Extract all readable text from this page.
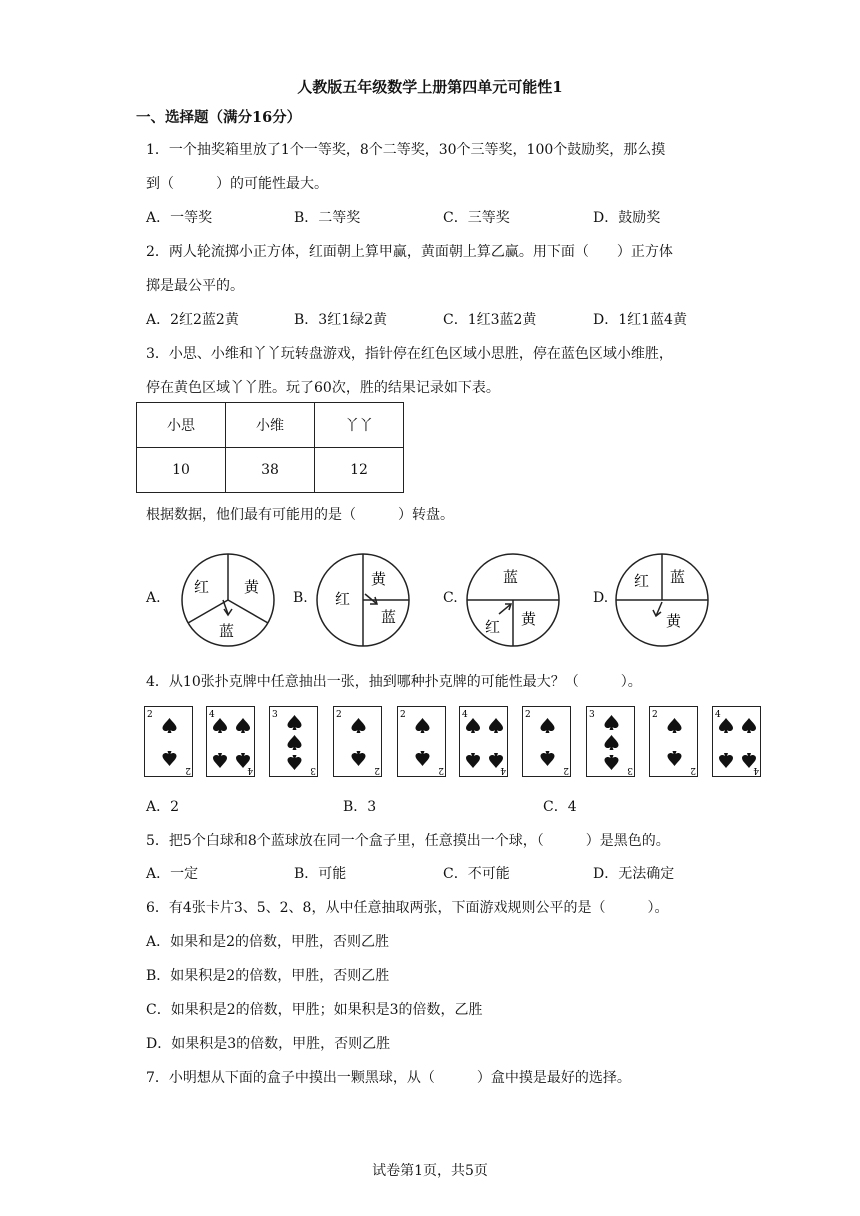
人教版五年级数学上册第四单元可能性1
一、选择题（满分16分）
1．一个抽奖箱里放了1个一等奖，8个二等奖，30个三等奖，100个鼓励奖，那么摸
到（　　　）的可能性最大。
A．一等奖	B．二等奖	C．三等奖	D．鼓励奖
2．两人轮流掷小正方体，红面朝上算甲赢，黄面朝上算乙赢。用下面（　　）正方体
掷是最公平的。
A．2红2蓝2黄	B．3红1绿2黄	C．1红3蓝2黄	D．1红1蓝4黄
3．小思、小维和丫丫玩转盘游戏，指针停在红色区域小思胜，停在蓝色区域小维胜，
停在黄色区域丫丫胜。玩了60次，胜的结果记录如下表。
小思	小维	丫丫
10	38	12
根据数据，他们最有可能用的是（　　　）转盘。
A.
红 黄
蓝
B. 红
黄
蓝
C.
蓝
红 黄
D.
红 蓝
黄
4．从10张扑克牌中任意抽出一张，抽到哪种扑克牌的可能性最大？（　　　）。
2
2
4
4
3
3
2
2
2
2
4
4
2
2
3
3
2
2
4
4
A．2	B．3	C．4
5．把5个白球和8个蓝球放在同一个盒子里，任意摸出一个球，（　　　）是黑色的。
A．一定	B．可能	C．不可能	D．无法确定
6．有4张卡片3、5、2、8，从中任意抽取两张，下面游戏规则公平的是（　　　）。
A．如果和是2的倍数，甲胜，否则乙胜
B．如果积是2的倍数，甲胜，否则乙胜
C．如果积是2的倍数，甲胜；如果积是3的倍数，乙胜
D．如果积是3的倍数，甲胜，否则乙胜
7．小明想从下面的盒子中摸出一颗黑球，从（　　　）盒中摸是最好的选择。
试卷第1页，共5页
